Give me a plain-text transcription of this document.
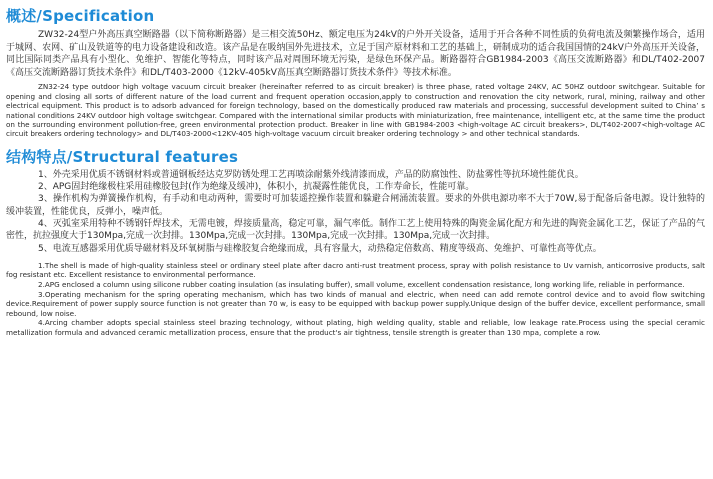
概述/Specification

ZW32-24型户外高压真空断路器（以下简称断路器）是三相交流50Hz、额定电压为24kV的户外开关设备，适用于开合各种不同性质的负荷电流及频繁操作场合，适用于城网、农网、矿山及铁道等的电力设备建设和改造。该产品是在吸纳国外先进技术，立足于国产原材料和工艺的基础上，研制成功的适合我国国情的24kV户外高压开关设备，同比国际同类产品具有小型化、免维护、智能化等特点，同时该产品对周围环境无污染，是绿色环保产品。断路器符合GB1984-2003《高压交流断路器》和DL/T402-2007《高压交流断路器订货技术条件》和DL/T403-2000《12kV-405kV高压真空断路器订货技术条件》等技术标准。

ZN32-24 type outdoor high voltage vacuum circuit breaker (hereinafter referred to as circuit breaker) is three phase, rated voltage 24KV, AC 50HZ outdoor switchgear. Suitable for opening and closing all sorts of different nature of the load current and frequent operation occasion,apply to construction and renovation the city network, rural, mining, railway and other electrical equipment. This product is to adsorb advanced for foreign technology, based on the domestically produced raw materials and processing, successful development suited to China’ s national conditions 24KV outdoor high voltage switchgear. Compared with the international similar products with miniaturization, free maintenance, intelligent etc, at the same time the product on the surrounding environment pollution-free, green environmental protection product. Breaker in line with GB1984-2003 <high-voltage AC circuit breakers>, DL/T402-2007<high-voltage AC circuit breakers ordering technology> and DL/T403-2000<12KV-405 high-voltage vacuum circuit breaker ordering technology > and other technical standards.

结构特点/Structural features

1、外壳采用优质不锈钢材料或普通钢板经达克罗防锈处理工艺再喷涂耐紫外线清漆而成，产品的防腐蚀性、防盐雾性等抗环境性能优良。

2、APG固封绝缘极柱采用硅橡胶包封(作为绝缘及缓冲)，体积小，抗凝露性能优良，工作寿命长，性能可靠。

3、操作机构为弹簧操作机构，有手动和电动两种，需要时可加装遥控操作装置和躲避合闸涌流装置。要求的外供电源功率不大于70W,易于配备后备电源。设计独特的缓冲装置，性能优良，反弹小，噪声低。

4、灭弧室采用特种不锈钢钎焊技术，无需电镀，焊接质量高，稳定可靠，漏气率低。制作工艺上使用特殊的陶瓷金属化配方和先进的陶瓷金属化工艺，保证了产品的气密性，抗拉强度大于130Mpa,完成一次封排。130Mpa,完成一次封排。130Mpa,完成一次封排。130Mpa,完成一次封排。

5、电流互感器采用优质导磁材料及环氧树脂与硅橡胶复合绝缘而成，具有容量大，动热稳定倍数高、精度等级高、免维护、可靠性高等优点。

1.The shell is made of high-quality stainless steel or ordinary steel plate after dacro anti-rust treatment process, spray with polish resistance to Uv varnish, anticorrosive products, salt fog resistant etc. Excellent resistance to environmental performance.

2.APG enclosed a column using silicone rubber coating insulation (as insulating buffer), small volume, excellent condensation resistance, long working life, reliable in performance.

3.Operating mechanism for the spring operating mechanism, which has two kinds of manual and electric, when need can add remote control device and to avoid flow switching device.Requirement of power supply source function is not greater than 70 w, is easy to be equipped with backup power supply.Unique design of the buffer device, excellent performance, small rebound, low noise.

4.Arcing chamber adopts special stainless steel brazing technology, without plating, high welding quality, stable and reliable, low leakage rate.Process using the special ceramic metallization formula and advanced ceramic metallization process, ensure that the product's air tightness, tensile strength is greater than 130 mpa, complete a row.
